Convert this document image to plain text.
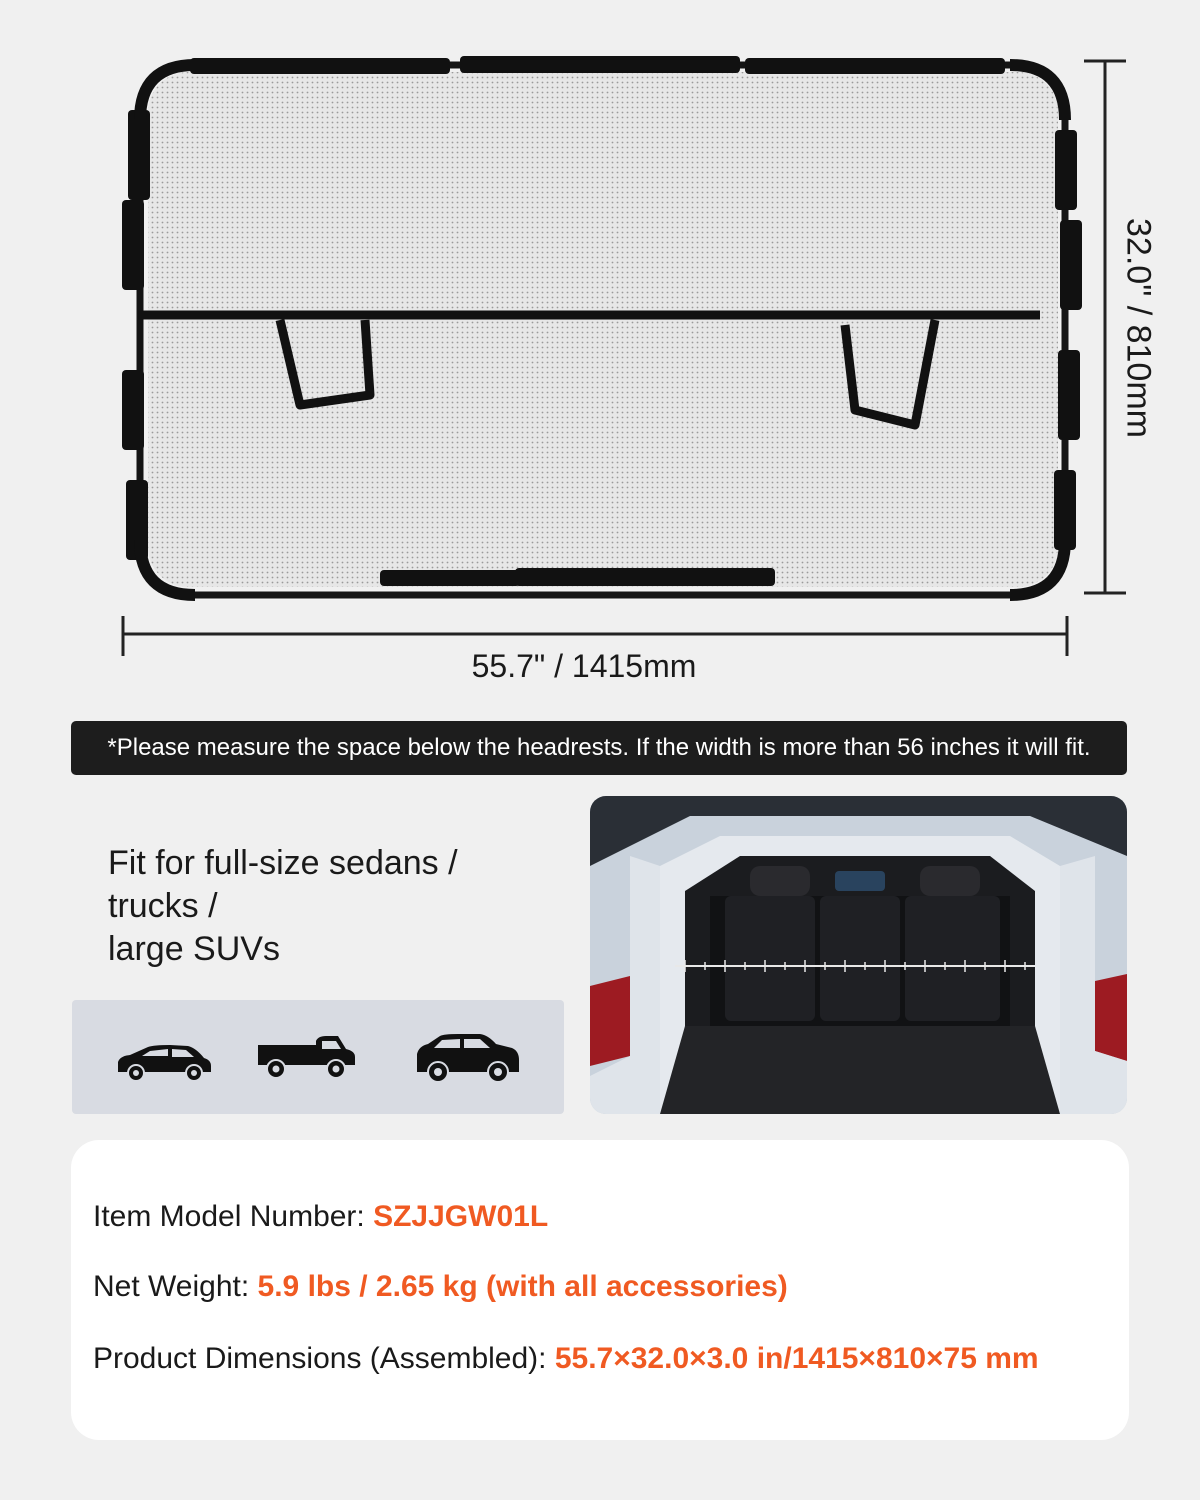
32.0" / 810mm
55.7" / 1415mm
*Please measure the space below the headrests. If the width is more than 56 inches it will fit.
Fit for full-size sedans /
trucks /
large SUVs
Item Model Number: SZJJGW01L
Net Weight: 5.9 lbs / 2.65 kg (with all accessories)
Product Dimensions (Assembled): 55.7×32.0×3.0 in/1415×810×75 mm
